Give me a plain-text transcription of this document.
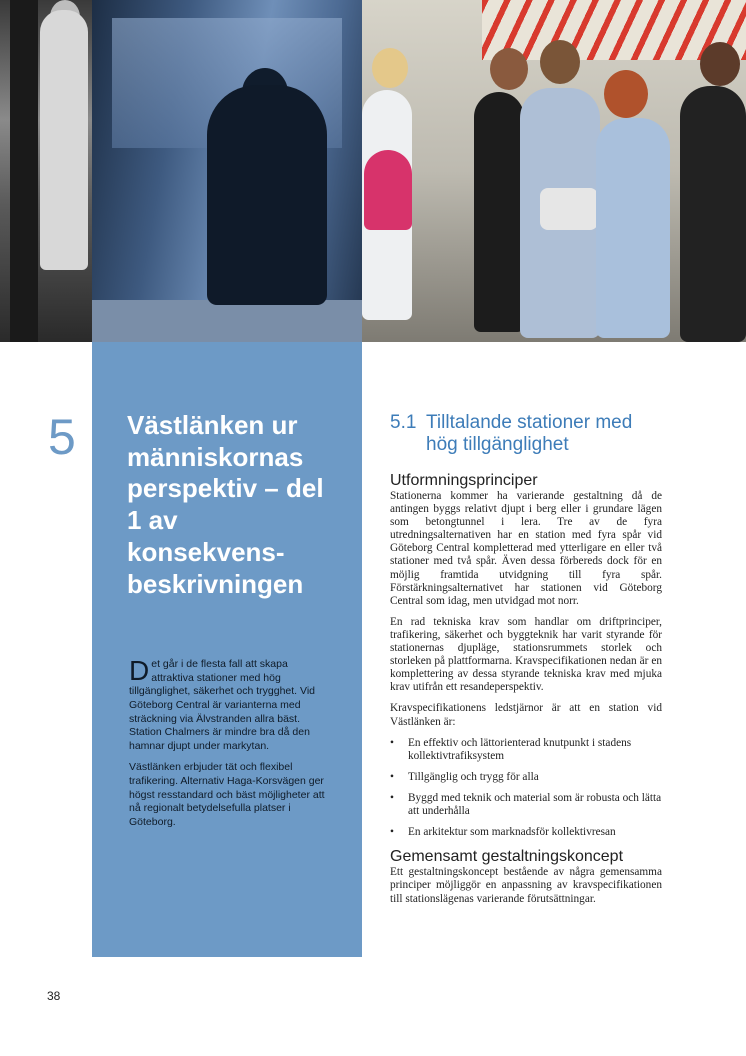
5 Västlänken ur människornas perspektiv – del 1 av konsekvens-beskrivningen

Det går i de flesta fall att skapa attraktiva stationer med hög tillgänglighet, säkerhet och trygghet. Vid Göteborg Central är varianterna med sträckning via Älvstranden allra bäst. Station Chalmers är mindre bra då den hamnar djupt under markytan.

Västlänken erbjuder tät och flexibel trafikering. Alternativ Haga-Korsvägen ger högst resstandard och bäst möjligheter att nå regionalt betydelsefulla platser i Göteborg.

5.1 Tilltalande stationer med hög tillgänglighet
Utformningsprinciper

Stationerna kommer ha varierande gestaltning då de antingen byggs relativt djupt i berg eller i grundare lägen som betongtunnel i lera. Tre av de fyra utredningsalternativen har en station med fyra spår vid Göteborg Central kompletterad med ytterligare en eller två stationer med två spår. Även dessa förbereds dock för en möjlig framtida utvidgning till fyra spår. Förstärkningsalternativet har stationen vid Göteborg Central som idag, men utvidgad mot norr.

En rad tekniska krav som handlar om driftprinciper, trafikering, säkerhet och byggteknik har varit styrande för stationernas djupläge, stationsrummets storlek och storleken på plattformarna. Kravspecifikationen nedan är en komplettering av dessa styrande tekniska krav med mjuka krav utifrån ett resandeperspektiv.

Kravspecifikationens ledstjärnor är att en station vid Västlänken är:

• En effektiv och lättorienterad knutpunkt i stadens kollektivtrafiksystem
• Tillgänglig och trygg för alla
• Byggd med teknik och material som är robusta och lätta att underhålla
• En arkitektur som marknadsför kollektivresan
Gemensamt gestaltningskoncept

Ett gestaltningskoncept bestående av några gemensamma principer möjliggör en anpassning av kravspecifikationen till stationslägenas varierande förutsättningar.

38
